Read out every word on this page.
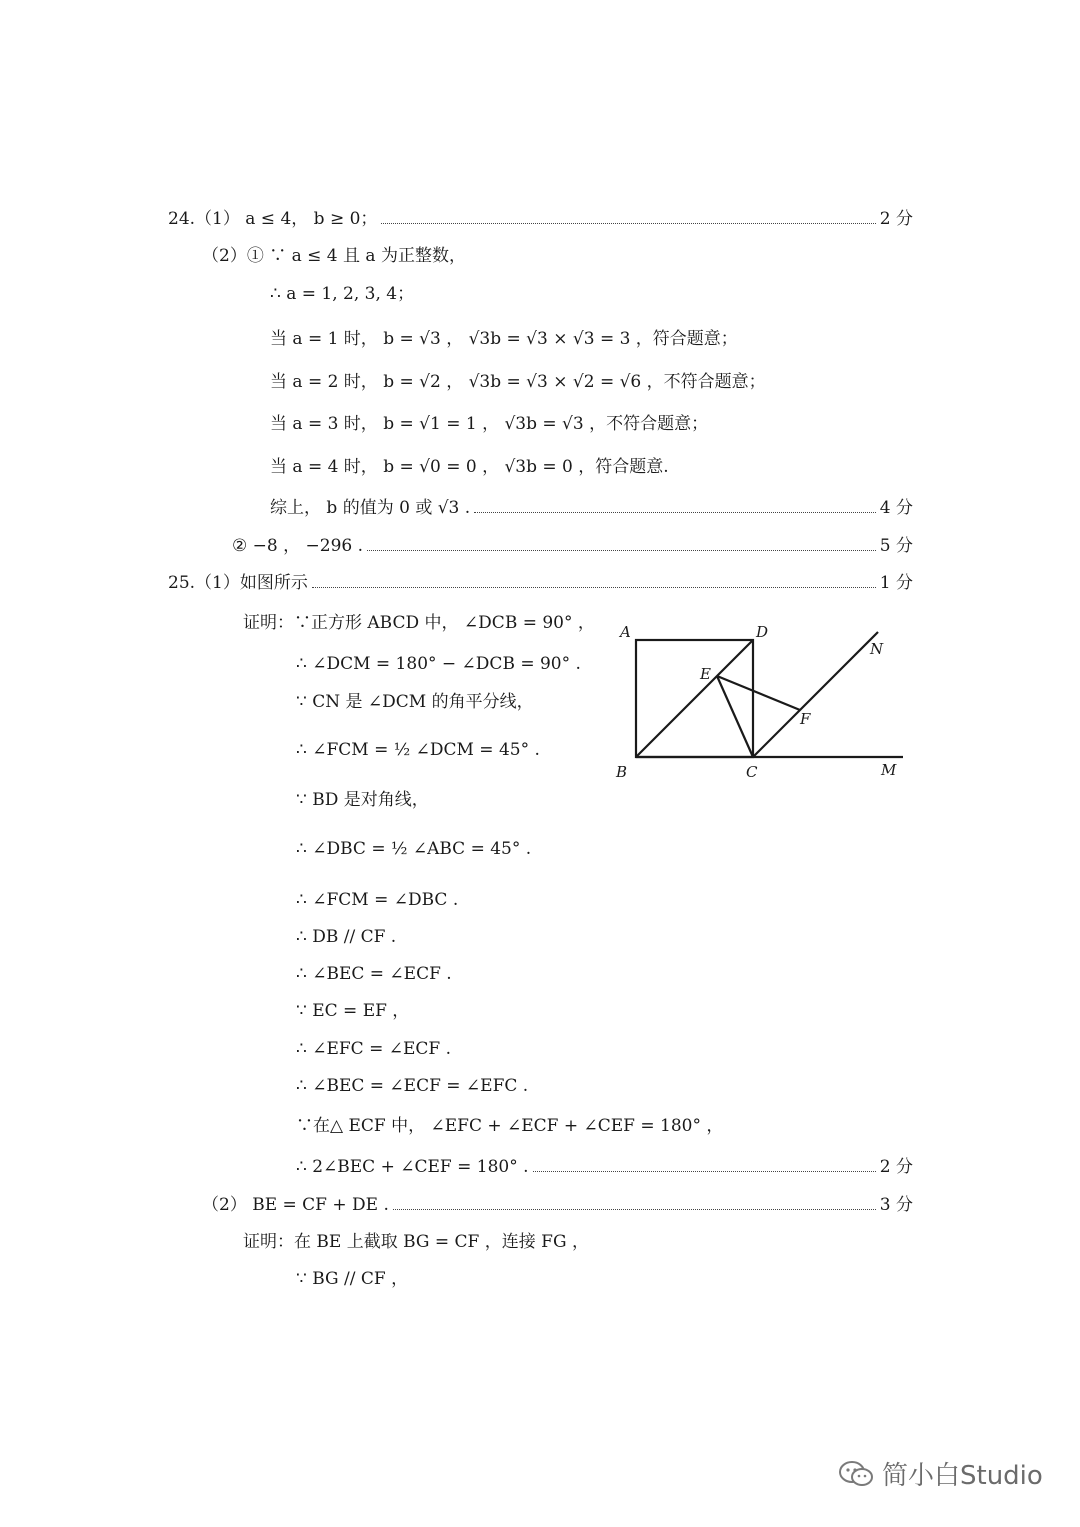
24.（1） a ≤ 4， b ≥ 0；	2 分
（2）① ∵ a ≤ 4 且 a 为正整数，
∴ a = 1, 2, 3, 4；
当 a = 1 时， b = √3 ， √3b = √3 × √3 = 3 ，符合题意；
当 a = 2 时， b = √2 ， √3b = √3 × √2 = √6 ，不符合题意；
当 a = 3 时， b = √1 = 1 ， √3b = √3 ，不符合题意；
当 a = 4 时， b = √0 = 0 ， √3b = 0 ，符合题意.
综上， b 的值为 0 或 √3 .	4 分
② −8 ， −296 .	5 分
25.（1）如图所示	1 分
证明：∵正方形 ABCD 中， ∠DCB = 90° ，
∴ ∠DCM = 180° − ∠DCB = 90° .
∵ CN 是 ∠DCM 的角平分线，
∴ ∠FCM = ½ ∠DCM = 45° .
∵ BD 是对角线，
∴ ∠DBC = ½ ∠ABC = 45° .
∴ ∠FCM = ∠DBC .
∴ DB // CF .
∴ ∠BEC = ∠ECF .
∵ EC = EF ，
∴ ∠EFC = ∠ECF .
∴ ∠BEC = ∠ECF = ∠EFC .
∵在△ ECF 中， ∠EFC + ∠ECF + ∠CEF = 180° ，
∴ 2∠BEC + ∠CEF = 180° .	2 分
（2） BE = CF + DE .	3 分
证明：在 BE 上截取 BG = CF ，连接 FG ，
∵ BG // CF ，
A	D
N
E
F
B	C	M
简小白Studio
